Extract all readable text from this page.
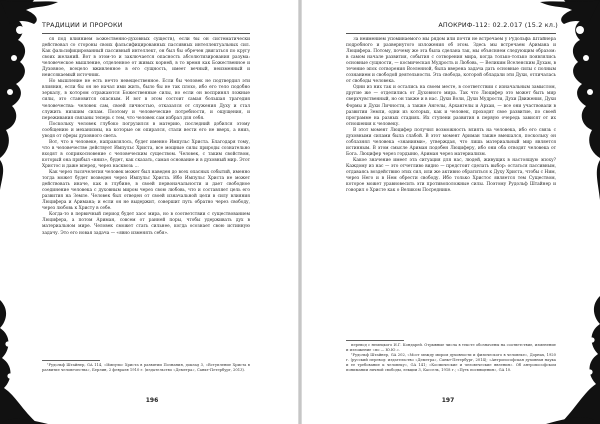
ТРАДИЦИИ И ПРОРОКИ

ся под влиянием Божественно-духовных существ), если бы он систематически действовал со стороны своих фальсифицированных пассивных интеллектуальных сил. Как фальсифицированный пассивный интеллект, он был бы обречен двигаться по кругу своих желаний. Вот в этом-то и заключается опасность абсолютизирования разума: человеческое мышление, отделенное от живых корней, в то время как Божественное и Духовное, всецело вживленное в его сущность, имеет вечный, неизменный и неиссякаемый источник.

Но мышление не есть нечто невещественное. Если бы человек не подтвердил эти влияния, если бы он не начал ими жить, было бы не так плохо, ибо его тело подобно зеркалу, в котором отражаются Божественные силы, но если он воспринял ложные силы, это становится опасным. И вот в этом состоит самая большая трагедия человечества: человек сам, своей личностью, отказался от служения Духу и стал служить низшим силам. Поэтому и человеческие потребности, и ощущения, и переживания связаны теперь с тем, что человек сам избрал для себя.

Поскольку человек глубоко погрузился в материю, последний добился этому сообщению и механизмы, на которые он опирался, стали вести его не вверх, а вниз, уводя от сферы духовного света.

Вот, что в человеке, направлялось, будет именно Импульс Христа. Благодаря тому, что в человечестве действует Импульс Христа, все мощные силы природы сознательно входят в соприкосновение с человеческим существом. Человек, с таким свойством, который она прибыл «вниз», будет, как сказать, самая основание и в духовный мир. Этот Христос и даже вперед, через насквозь ...

Как через тысячелетия человек может был наведен до всех опасных событий, именно тогда может будет возведен через Импульс Христа. Ибо Импульс Христа не может действовать иначе, как в глубине, в своей первоначальности и дает свободное соединение человека с духовным миром через свою любовь, что и составляет цель его развития на Земле. Человек был отведен от своей изначальной цели в силу влияния Люцифера и Аримана; и если он не выдержит, совершит путь обратно через свободу, через любовь к Христу в себе.

Когда-то в первичный период будет хаос мира, но в соответствии с существованием Люцифера, а потом Ариман, совсем от ранней поры, чтобы удерживать дух в материальном мире. Человек сможет стать сильнее, когда осознает свою истинную задачу. Это его новая задача — «явно изменять себя».

¹Рудольф Штайнер, GA 114, «Импульс Христа в развитии Познания, доклад 3, «Вступление Христа в развитие человечества», Берлин, 2 февраля 1910 г. (издательство «Деметра», Санкт-Петербург, 2013).

196
АПОКРИФ-112: 02.2.017 (15.2 кл.)

За неимением упоминаемого мы рядом или почти не встречаем у Рудольфа Штайнера подробного и развернутого изложения об этом. Здесь мы встречаем Аримана и Люцифера. Потому, почему же эта была сделана так, мы объясняем следующим образом: в самом начале развития, события с сотворения мира, когда только-только появлялись основные сущности, — космическая Мудрость и Любовь, — Великим Вселенским Духам, в течение эпох сотворения Вселенной, была вверена задача дать основные силы с полным сознанием и свободой деятельности. Эта свобода, которой обладали эти Духи, отличалась от свободы человека.

Одни из них так и остались на своем месте, в соответствии с изначальным замыслом, другие же — отделились от Духовного мира. Так что Люцифер это может быть мир сверхчувственный, но он также и в нас. Духи Воли, Духи Мудрости, Духи Движения, Духи Формы и Духи Личности, а также Ангелы, Архангелы и Архаи, — все они участвовали в развитии Земли, одни из которых, как и человек, проходят свое развитие, по своей программе на разных стадиях. Их ступени развития в первую очередь зависят от их отношения к человеку.

В этот момент Люцифер получил возможность влиять на человека, ибо его связь с духовными силами была слабой. В этот момент Ариман также вмешался, поскольку он соблазнял человека «знаниями», утверждая, что лишь материальный мир является истинным. В этом смысле Ариман подобен Люциферу, ибо они оба отводят человека от Бога. Люцифер через гордыню, Ариман через материализм.

Какое значение имеет эта ситуация для нас, людей, живущих в настоящую эпоху? Каждому из нас — это отчетливо видно — предстоит сделать выбор: остаться пассивным, отдаваясь воздействию этих сил, или же активно обратиться к Духу Христа, чтобы с Ним, через Него и в Нем обрести свободу. Ибо только Христос является тем Существом, которое может уравновесить эти противоположные силы. Поэтому Рудольф Штайнер и говорил о Христе как о Великом Посреднике.

перевод с немецкого И.Г. Кондарей. Отрывные числа в тексте обозначены на соответствие, изменение и изложение «по — Ю.Ю.».

¹Рудольф Штайнер, GA 202, «Мост между миром духовности и физического в человеке», Дорнах, 1920 г. (русский перевод: издательство «Деметра», Санкт-Петербург, 2014); «Антропософская духовная наука и ее требование к человеку», GA 141; «Космические и человеческие явления». Об антропософском понимании личной свободы, лекции 3, Кассель, 1918 г.; «Путь посвящения», GA 10.

197
